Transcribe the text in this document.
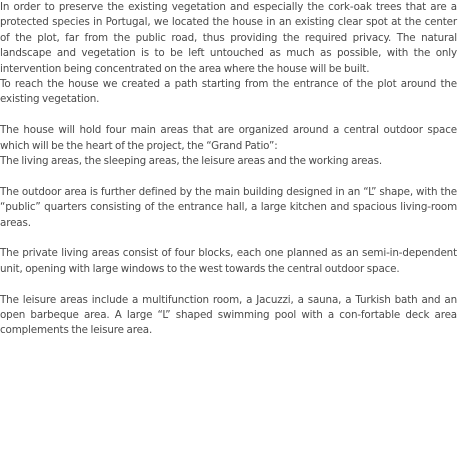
In order to preserve the existing vegetation and especially the cork-oak trees that are a protected species in Portugal, we located the house in an existing clear spot at the center of the plot, far from the public road, thus providing the required privacy. The natural landscape and vegetation is to be left untouched as much as possible, with the only intervention being concentrated on the area where the house will be built.
To reach the house we created a path starting from the entrance of the plot around the existing vegetation.
The house will hold four main areas that are organized around a central outdoor space which will be the heart of the project, the “Grand Patio”:
The living areas, the sleeping areas, the leisure areas and the working areas.
The outdoor area is further defined by the main building designed in an “L” shape, with the “public” quarters consisting of the entrance hall, a large kitchen and spacious living-room areas.
The private living areas consist of four blocks, each one planned as an semi-in-dependent unit, opening with large windows to the west towards the central outdoor space.
The leisure areas include a multifunction room, a Jacuzzi, a sauna, a Turkish bath and an open barbeque area. A large “L” shaped swimming pool with a con-fortable deck area complements the leisure area.
